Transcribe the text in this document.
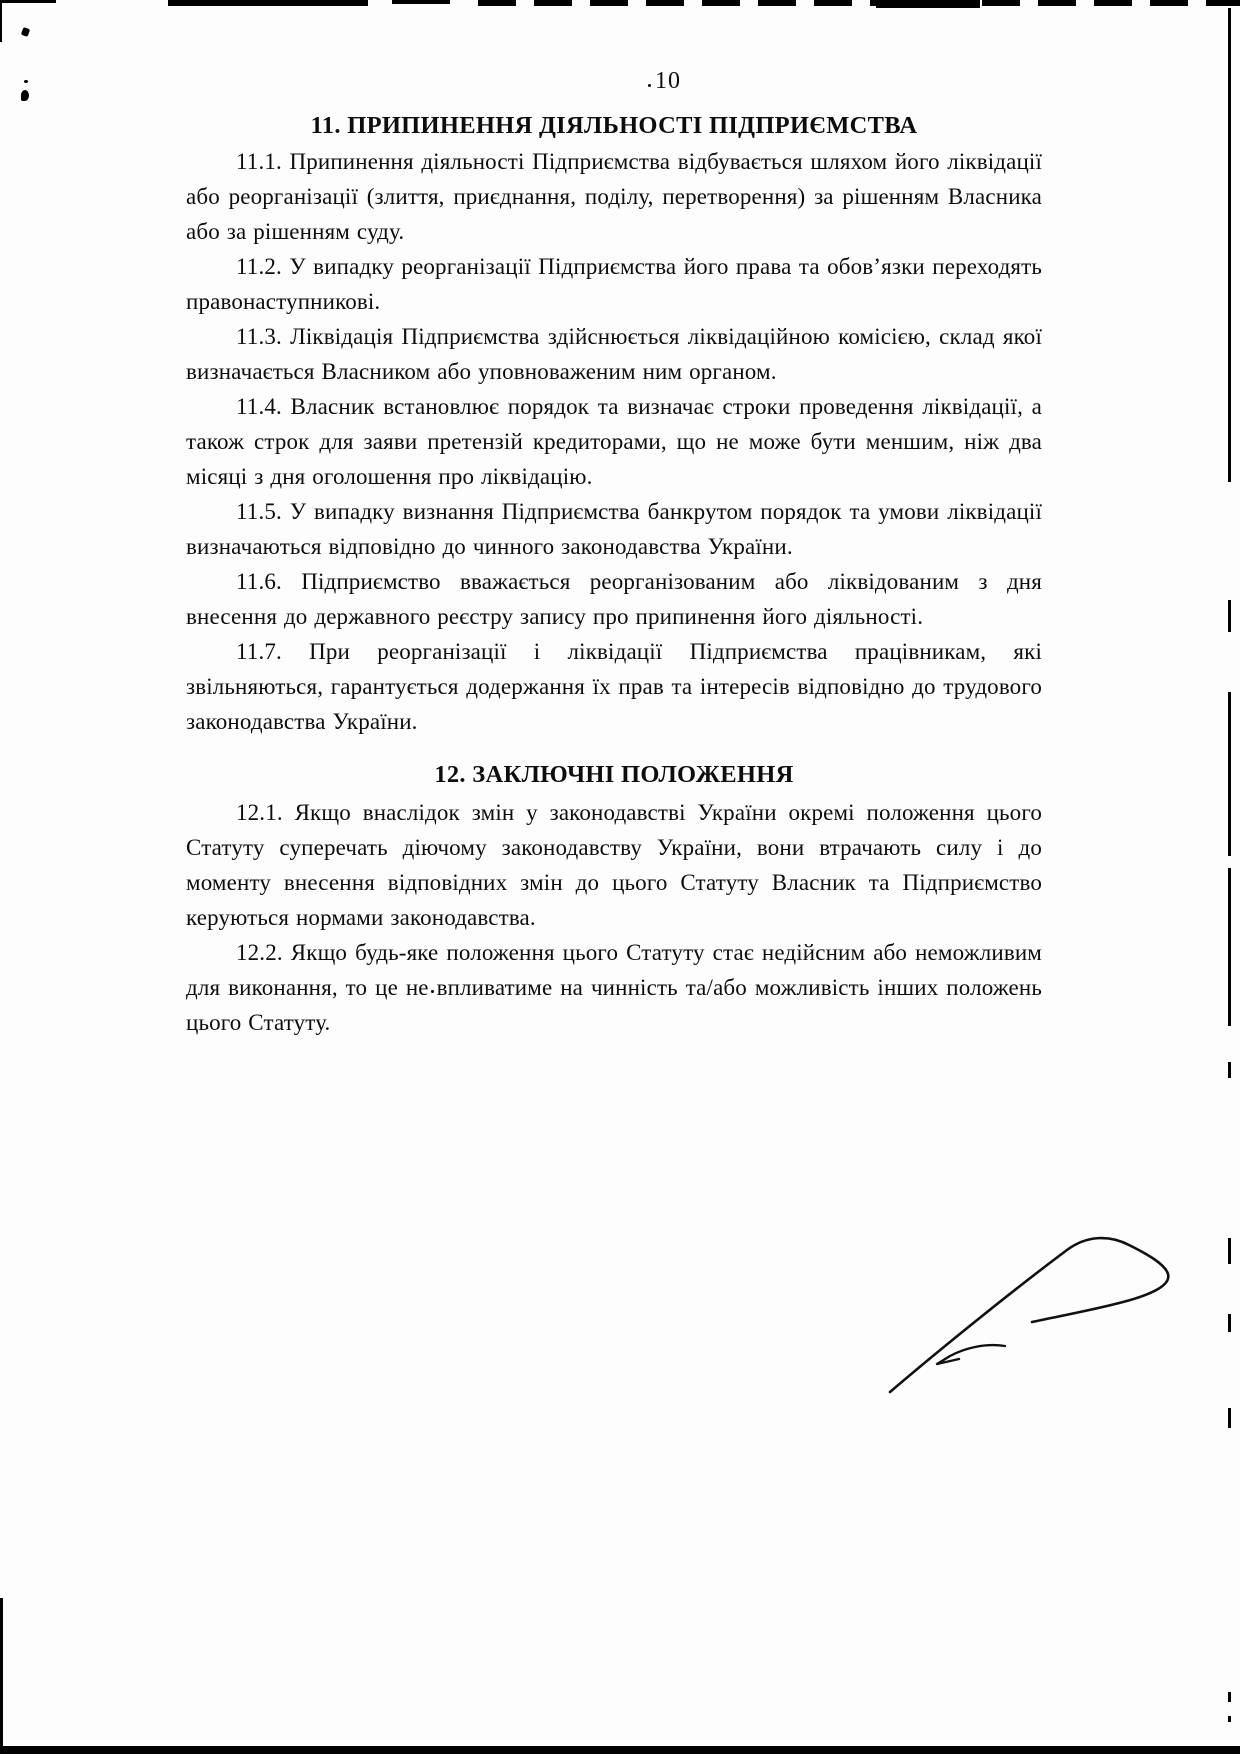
10
11. ПРИПИНЕННЯ ДІЯЛЬНОСТІ ПІДПРИЄМСТВА

11.1. Припинення діяльності Підприємства відбувається шляхом його ліквідації або реорганізації (злиття, приєднання, поділу, перетворення) за рішенням Власника або за рішенням суду.

11.2. У випадку реорганізації Підприємства його права та обов’язки переходять правонаступникові.

11.3. Ліквідація Підприємства здійснюється ліквідаційною комісією, склад якої визначається Власником або уповноваженим ним органом.

11.4. Власник встановлює порядок та визначає строки проведення ліквідації, а також строк для заяви претензій кредиторами, що не може бути меншим, ніж два місяці з дня оголошення про ліквідацію.

11.5. У випадку визнання Підприємства банкрутом порядок та умови ліквідації визначаються відповідно до чинного законодавства України.

11.6. Підприємство вважається реорганізованим або ліквідованим з дня внесення до державного реєстру запису про припинення його діяльності.

11.7. При реорганізації і ліквідації Підприємства працівникам, які звільняються, гарантується додержання їх прав та інтересів відповідно до трудового законодавства України.

12. ЗАКЛЮЧНІ ПОЛОЖЕННЯ

12.1. Якщо внаслідок змін у законодавстві України окремі положення цього Статуту суперечать діючому законодавству України, вони втрачають силу і до моменту внесення відповідних змін до цього Статуту Власник та Підприємство керуються нормами законодавства.

12.2. Якщо будь-яке положення цього Статуту стає недійсним або неможливим для виконання, то це не впливатиме на чинність та/або можливість інших положень цього Статуту.
